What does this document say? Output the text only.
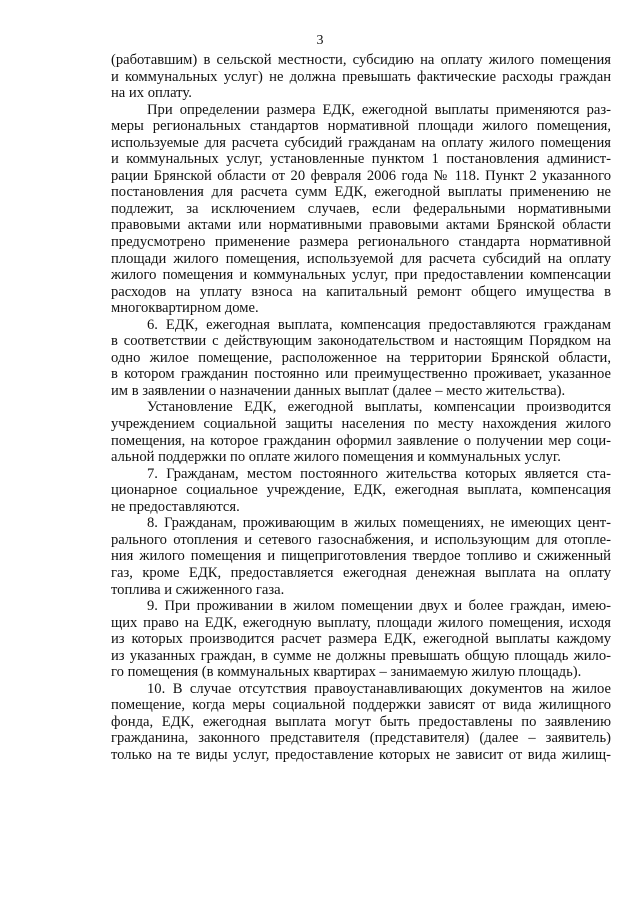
3

(работавшим) в сельской местности, субсидию на оплату жилого помещения
и коммунальных услуг) не должна превышать фактические расходы граждан
на их оплату.

При определении размера ЕДК, ежегодной выплаты применяются раз-
меры региональных стандартов нормативной площади жилого помещения,
используемые для расчета субсидий гражданам на оплату жилого помещения
и коммунальных услуг, установленные пунктом 1 постановления админист-
рации Брянской области от 20 февраля 2006 года № 118. Пункт 2 указанного
постановления для расчета сумм ЕДК, ежегодной выплаты применению не
подлежит, за исключением случаев, если федеральными нормативными
правовыми актами или нормативными правовыми актами Брянской области
предусмотрено применение размера регионального стандарта нормативной
площади жилого помещения, используемой для расчета субсидий на оплату
жилого помещения и коммунальных услуг, при предоставлении компенсации
расходов на уплату взноса на капитальный ремонт общего имущества в
многоквартирном доме.

6. ЕДК, ежегодная выплата, компенсация предоставляются гражданам
в соответствии с действующим законодательством и настоящим Порядком на
одно жилое помещение, расположенное на территории Брянской области,
в котором гражданин постоянно или преимущественно проживает, указанное
им в заявлении о назначении данных выплат (далее – место жительства).

Установление ЕДК, ежегодной выплаты, компенсации производится
учреждением социальной защиты населения по месту нахождения жилого
помещения, на которое гражданин оформил заявление о получении мер соци-
альной поддержки по оплате жилого помещения и коммунальных услуг.

7. Гражданам, местом постоянного жительства которых является ста-
ционарное социальное учреждение, ЕДК, ежегодная выплата, компенсация
не предоставляются.

8. Гражданам, проживающим в жилых помещениях, не имеющих цент-
рального отопления и сетевого газоснабжения, и использующим для отопле-
ния жилого помещения и пищеприготовления твердое топливо и сжиженный
газ, кроме ЕДК, предоставляется ежегодная денежная выплата на оплату
топлива и сжиженного газа.

9. При проживании в жилом помещении двух и более граждан, имею-
щих право на ЕДК, ежегодную выплату, площади жилого помещения, исходя
из которых производится расчет размера ЕДК, ежегодной выплаты каждому
из указанных граждан, в сумме не должны превышать общую площадь жило-
го помещения (в коммунальных квартирах – занимаемую жилую площадь).

10. В случае отсутствия правоустанавливающих документов на жилое
помещение, когда меры социальной поддержки зависят от вида жилищного
фонда, ЕДК, ежегодная выплата могут быть предоставлены по заявлению
гражданина, законного представителя (представителя) (далее – заявитель)
только на те виды услуг, предоставление которых не зависит от вида жилищ-
